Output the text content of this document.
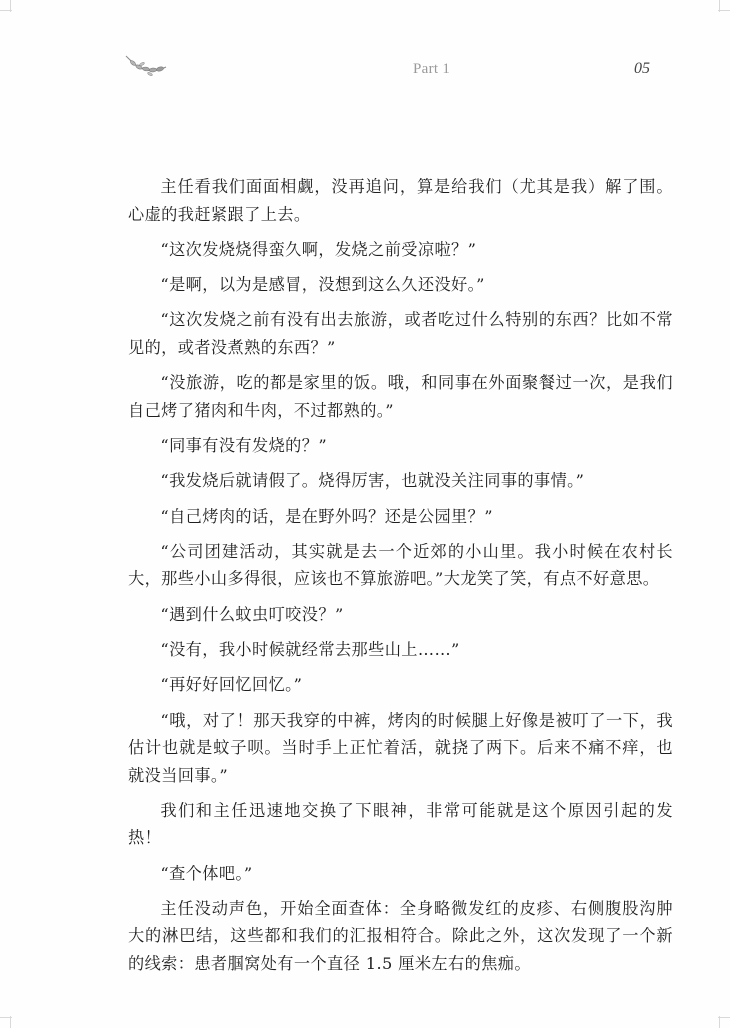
Part 1	05

主任看我们面面相觑，没再追问，算是给我们（尤其是我）解了围。心虚的我赶紧跟了上去。

“这次发烧烧得蛮久啊，发烧之前受凉啦？”

“是啊，以为是感冒，没想到这么久还没好。”

“这次发烧之前有没有出去旅游，或者吃过什么特别的东西？比如不常见的，或者没煮熟的东西？”

“没旅游，吃的都是家里的饭。哦，和同事在外面聚餐过一次，是我们自己烤了猪肉和牛肉，不过都熟的。”

“同事有没有发烧的？”

“我发烧后就请假了。烧得厉害，也就没关注同事的事情。”

“自己烤肉的话，是在野外吗？还是公园里？”

“公司团建活动，其实就是去一个近郊的小山里。我小时候在农村长大，那些小山多得很，应该也不算旅游吧。”大龙笑了笑，有点不好意思。

“遇到什么蚊虫叮咬没？”

“没有，我小时候就经常去那些山上……”

“再好好回忆回忆。”

“哦，对了！那天我穿的中裤，烤肉的时候腿上好像是被叮了一下，我估计也就是蚊子呗。当时手上正忙着活，就挠了两下。后来不痛不痒，也就没当回事。”

我们和主任迅速地交换了下眼神，非常可能就是这个原因引起的发热！

“查个体吧。”

主任没动声色，开始全面查体：全身略微发红的皮疹、右侧腹股沟肿大的淋巴结，这些都和我们的汇报相符合。除此之外，这次发现了一个新的线索：患者腘窝处有一个直径 1.5 厘米左右的焦痂。
